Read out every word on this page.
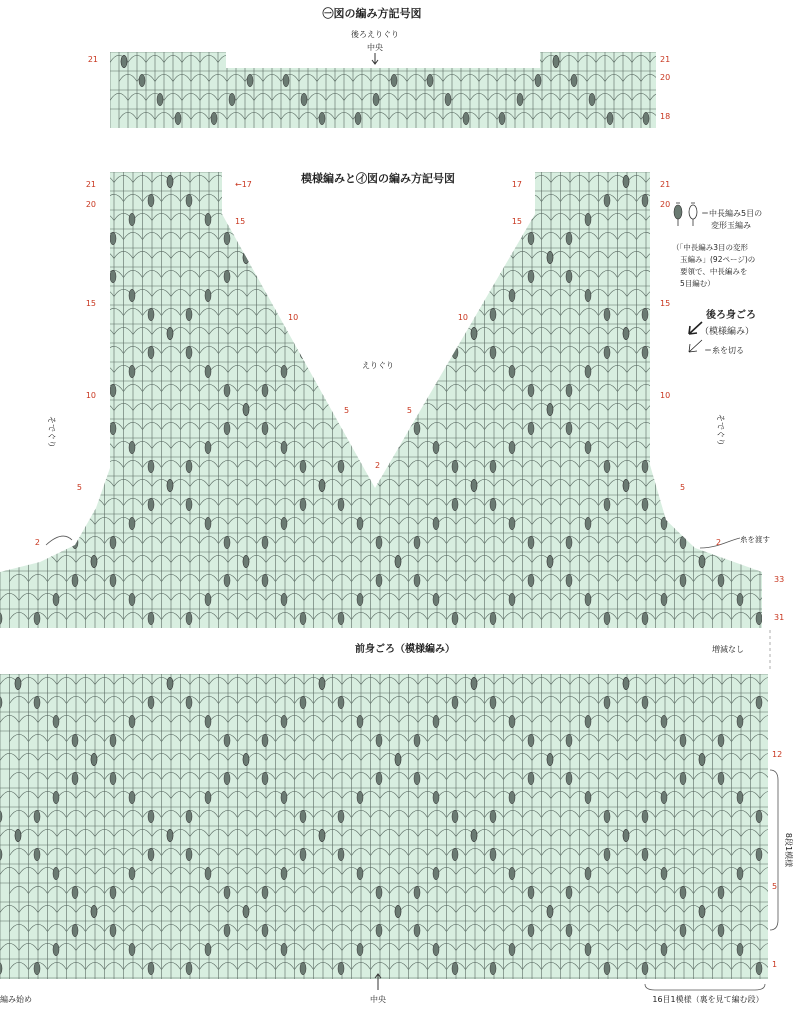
㊀図の編み方記号図
後ろえりぐり
中央
21	21
20
18
模様編みと㋑図の編み方記号図
えりぐり
そでぐり	そでぐり
糸を渡す
21
20
15
10
5
2
←17
15
10
5
2
17
15
10
5
21
20
15
10
5
2
33
31
前身ごろ（模様編み）	増減なし
12
5
1
8段1模様
16目1模様（裏を見て編む段）
中央
編み始め
＝中長編み5目の
変形玉編み
（「中長編み3目の変形
玉編み」(92ページ)の
要領で、中長編みを
5目編む）
後ろ身ごろ
（模様編み）
＝糸を切る
